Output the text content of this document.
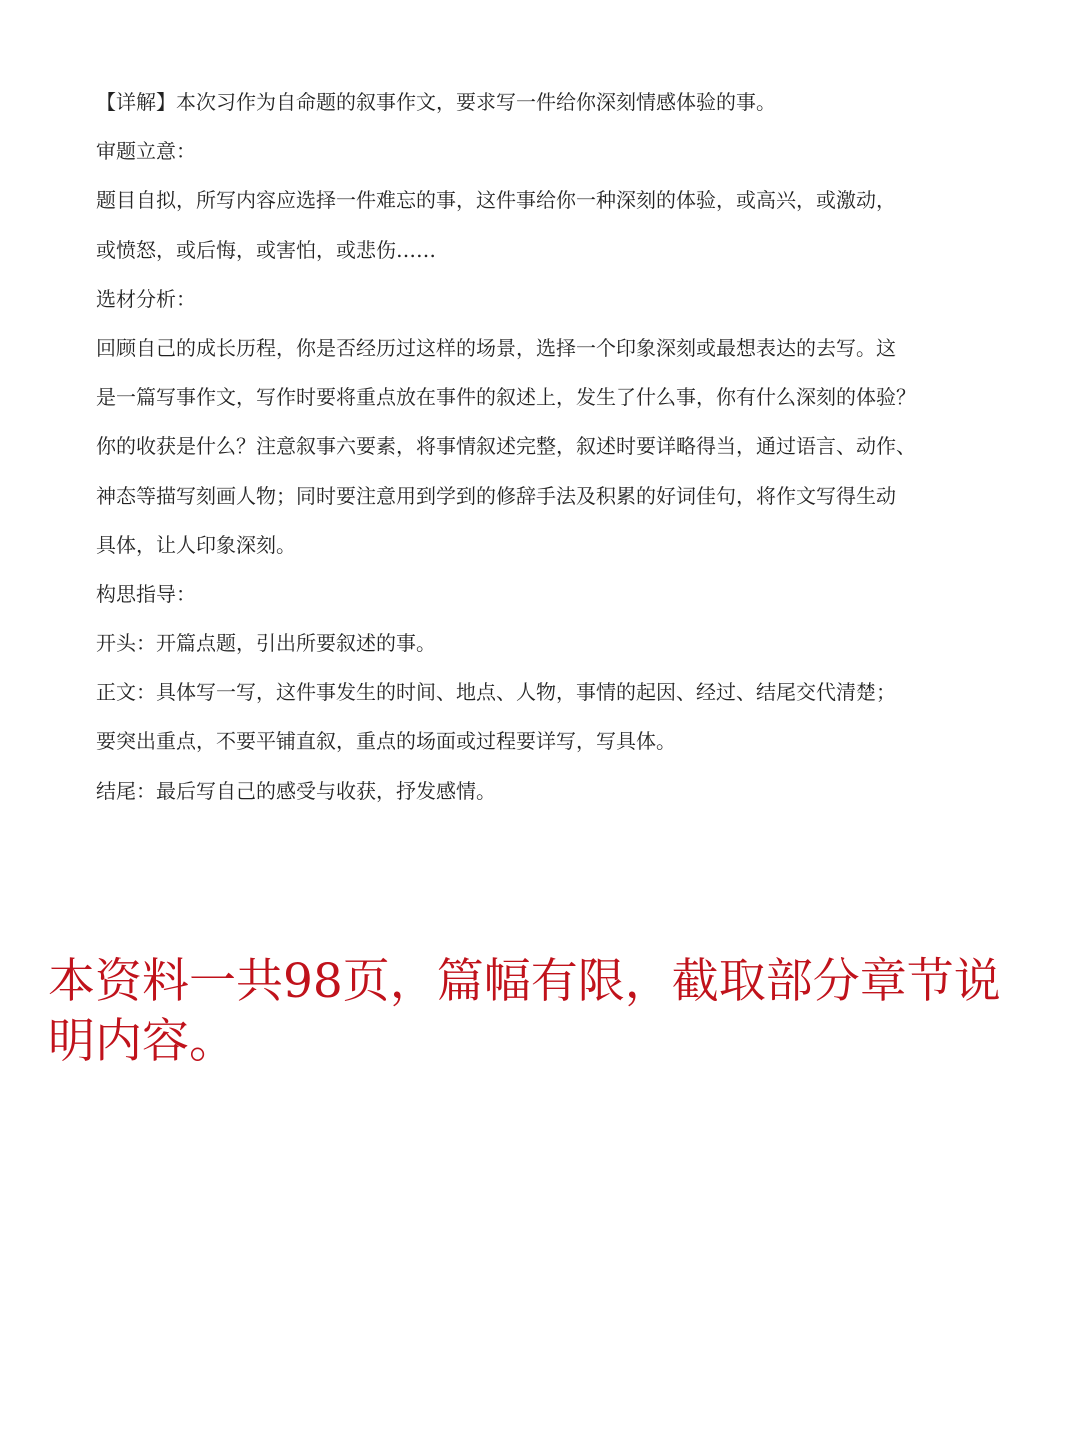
【详解】本次习作为自命题的叙事作文，要求写一件给你深刻情感体验的事。
审题立意：
题目自拟，所写内容应选择一件难忘的事，这件事给你一种深刻的体验，或高兴，或激动，
或愤怒，或后悔，或害怕，或悲伤……
选材分析：
回顾自己的成长历程，你是否经历过这样的场景，选择一个印象深刻或最想表达的去写。这
是一篇写事作文，写作时要将重点放在事件的叙述上，发生了什么事，你有什么深刻的体验？
你的收获是什么？注意叙事六要素，将事情叙述完整，叙述时要详略得当，通过语言、动作、
神态等描写刻画人物；同时要注意用到学到的修辞手法及积累的好词佳句，将作文写得生动
具体，让人印象深刻。
构思指导：
开头：开篇点题，引出所要叙述的事。
正文：具体写一写，这件事发生的时间、地点、人物，事情的起因、经过、结尾交代清楚；
要突出重点，不要平铺直叙，重点的场面或过程要详写，写具体。
结尾：最后写自己的感受与收获，抒发感情。
本资料一共98页，篇幅有限，截取部分章节说明内容。
